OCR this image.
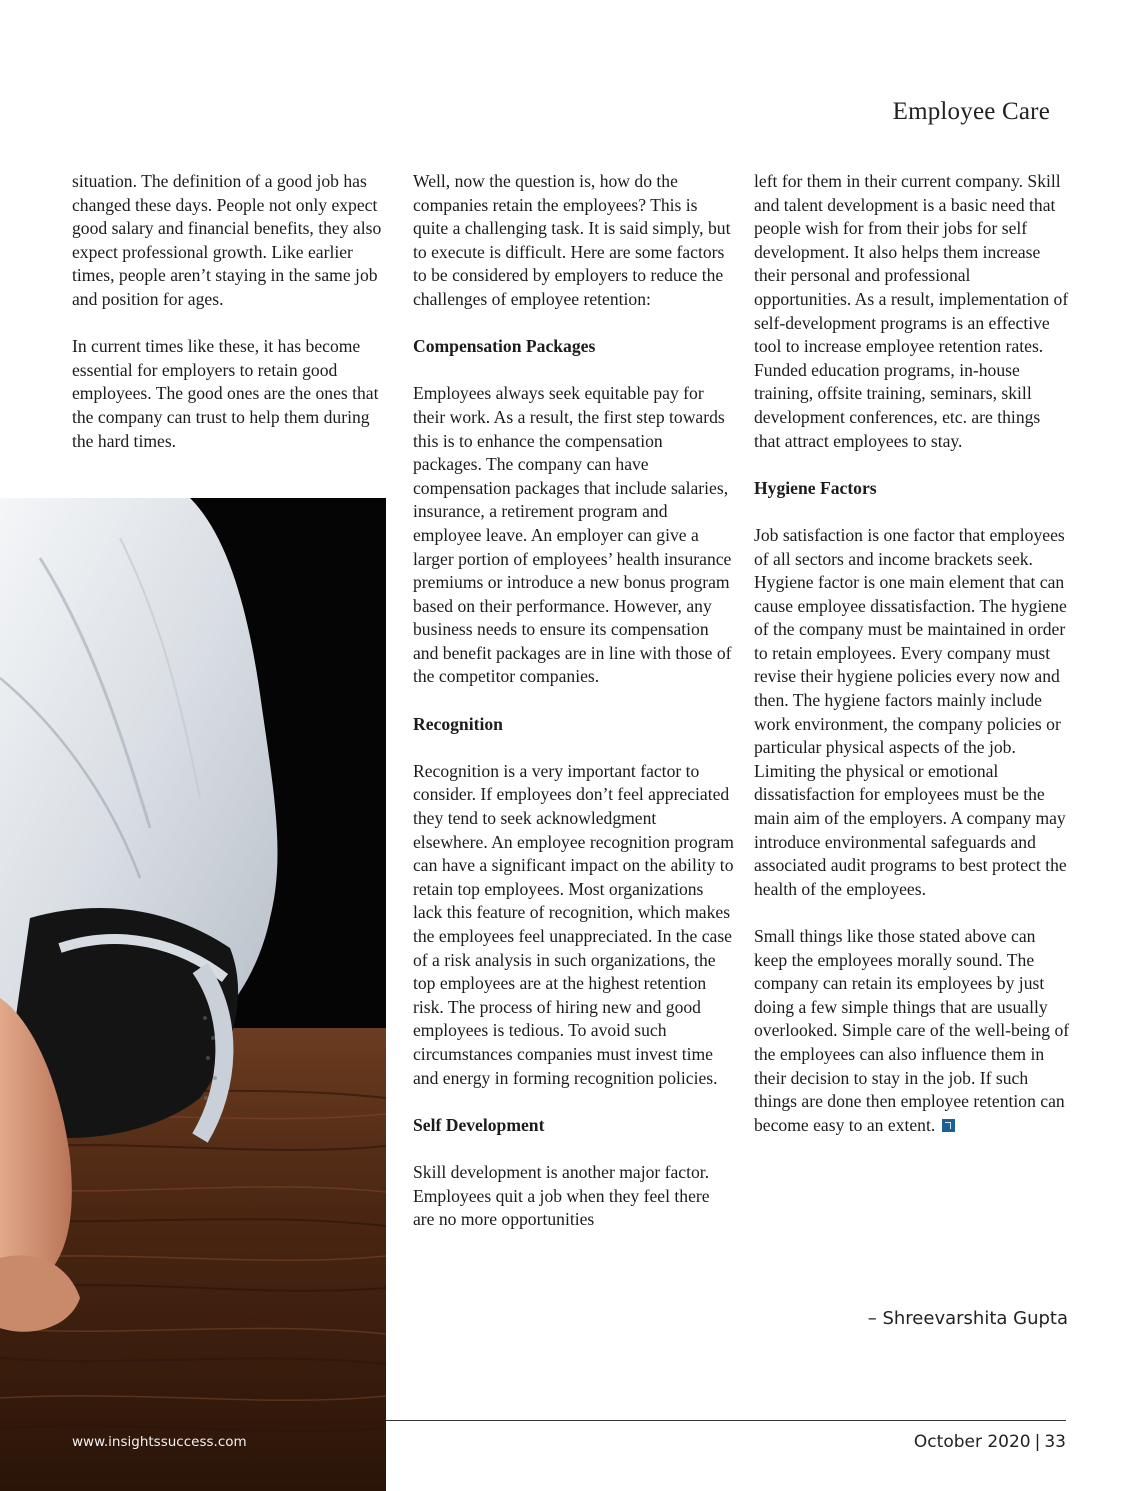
Employee Care

situation. The definition of a good job has changed these days. People not only expect good salary and financial benefits, they also expect professional growth. Like earlier times, people aren’t staying in the same job and position for ages.

In current times like these, it has become essential for employers to retain good employees. The good ones are the ones that the company can trust to help them during the hard times.

Well, now the question is, how do the companies retain the employees? This is quite a challenging task. It is said simply, but to execute is difficult. Here are some factors to be considered by employers to reduce the challenges of employee retention:

Compensation Packages

Employees always seek equitable pay for their work. As a result, the first step towards this is to enhance the compensation packages. The company can have compensation packages that include salaries, insurance, a retirement program and employee leave. An employer can give a larger portion of employees’ health insurance premiums or introduce a new bonus program based on their performance. However, any business needs to ensure its compensation and benefit packages are in line with those of the competitor companies.

Recognition

Recognition is a very important factor to consider. If employees don’t feel appreciated they tend to seek acknowledgment elsewhere. An employee recognition program can have a significant impact on the ability to retain top employees. Most organizations lack this feature of recognition, which makes the employees feel unappreciated. In the case of a risk analysis in such organizations, the top employees are at the highest retention risk. The process of hiring new and good employees is tedious. To avoid such circumstances companies must invest time and energy in forming recognition policies.

Self Development

Skill development is another major factor. Employees quit a job when they feel there are no more opportunities

left for them in their current company. Skill and talent development is a basic need that people wish for from their jobs for self development. It also helps them increase their personal and professional opportunities. As a result, implementation of self-development programs is an effective tool to increase employee retention rates. Funded education programs, in-house training, offsite training, seminars, skill development conferences, etc. are things that attract employees to stay.

Hygiene Factors

Job satisfaction is one factor that employees of all sectors and income brackets seek. Hygiene factor is one main element that can cause employee dissatisfaction. The hygiene of the company must be maintained in order to retain employees. Every company must revise their hygiene policies every now and then. The hygiene factors mainly include work environment, the company policies or particular physical aspects of the job. Limiting the physical or emotional dissatisfaction for employees must be the main aim of the employers. A company may introduce environmental safeguards and associated audit programs to best protect the health of the employees.

Small things like those stated above can keep the employees morally sound. The company can retain its employees by just doing a few simple things that are usually overlooked. Simple care of the well-being of the employees can also influence them in their decision to stay in the job. If such things are done then employee retention can become easy to an extent.

– Shreevarshita Gupta
www.insightssuccess.com	October 2020 | 33
